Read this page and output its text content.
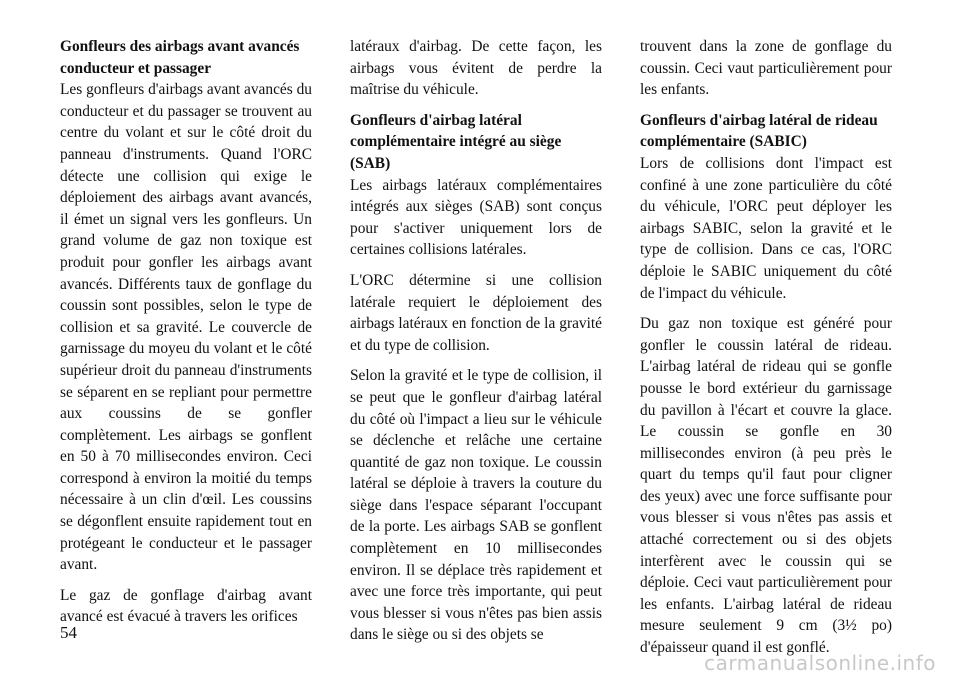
Gonfleurs des airbags avant avancés conducteur et passager

Les gonfleurs d'airbags avant avancés du conducteur et du passager se trouvent au centre du volant et sur le côté droit du panneau d'instruments. Quand l'ORC détecte une collision qui exige le déploiement des airbags avant avancés, il émet un signal vers les gonfleurs. Un grand volume de gaz non toxique est produit pour gonfler les airbags avant avancés. Différents taux de gonflage du coussin sont possibles, selon le type de collision et sa gravité. Le couvercle de garnissage du moyeu du volant et le côté supérieur droit du panneau d'instruments se séparent en se repliant pour permettre aux coussins de se gonfler complètement. Les airbags se gonflent en 50 à 70 millisecondes environ. Ceci correspond à environ la moitié du temps nécessaire à un clin d'œil. Les coussins se dégonflent ensuite rapidement tout en protégeant le conducteur et le passager avant.

Le gaz de gonflage d'airbag avant avancé est évacué à travers les orifices

latéraux d'airbag. De cette façon, les airbags vous évitent de perdre la maîtrise du véhicule.

Gonfleurs d'airbag latéral complémentaire intégré au siège (SAB)

Les airbags latéraux complémentaires intégrés aux sièges (SAB) sont conçus pour s'activer uniquement lors de certaines collisions latérales.

L'ORC détermine si une collision latérale requiert le déploiement des airbags latéraux en fonction de la gravité et du type de collision.

Selon la gravité et le type de collision, il se peut que le gonfleur d'airbag latéral du côté où l'impact a lieu sur le véhicule se déclenche et relâche une certaine quantité de gaz non toxique. Le coussin latéral se déploie à travers la couture du siège dans l'espace séparant l'occupant de la porte. Les airbags SAB se gonflent complètement en 10 millisecondes environ. Il se déplace très rapidement et avec une force très importante, qui peut vous blesser si vous n'êtes pas bien assis dans le siège ou si des objets se

trouvent dans la zone de gonflage du coussin. Ceci vaut particulièrement pour les enfants.

Gonfleurs d'airbag latéral de rideau complémentaire (SABIC)

Lors de collisions dont l'impact est confiné à une zone particulière du côté du véhicule, l'ORC peut déployer les airbags SABIC, selon la gravité et le type de collision. Dans ce cas, l'ORC déploie le SABIC uniquement du côté de l'impact du véhicule.

Du gaz non toxique est généré pour gonfler le coussin latéral de rideau. L'airbag latéral de rideau qui se gonfle pousse le bord extérieur du garnissage du pavillon à l'écart et couvre la glace. Le coussin se gonfle en 30 millisecondes environ (à peu près le quart du temps qu'il faut pour cligner des yeux) avec une force suffisante pour vous blesser si vous n'êtes pas assis et attaché correctement ou si des objets interfèrent avec le coussin qui se déploie. Ceci vaut particulièrement pour les enfants. L'airbag latéral de rideau mesure seulement 9 cm (3½ po) d'épaisseur quand il est gonflé.

54
carmanualsonline.info
